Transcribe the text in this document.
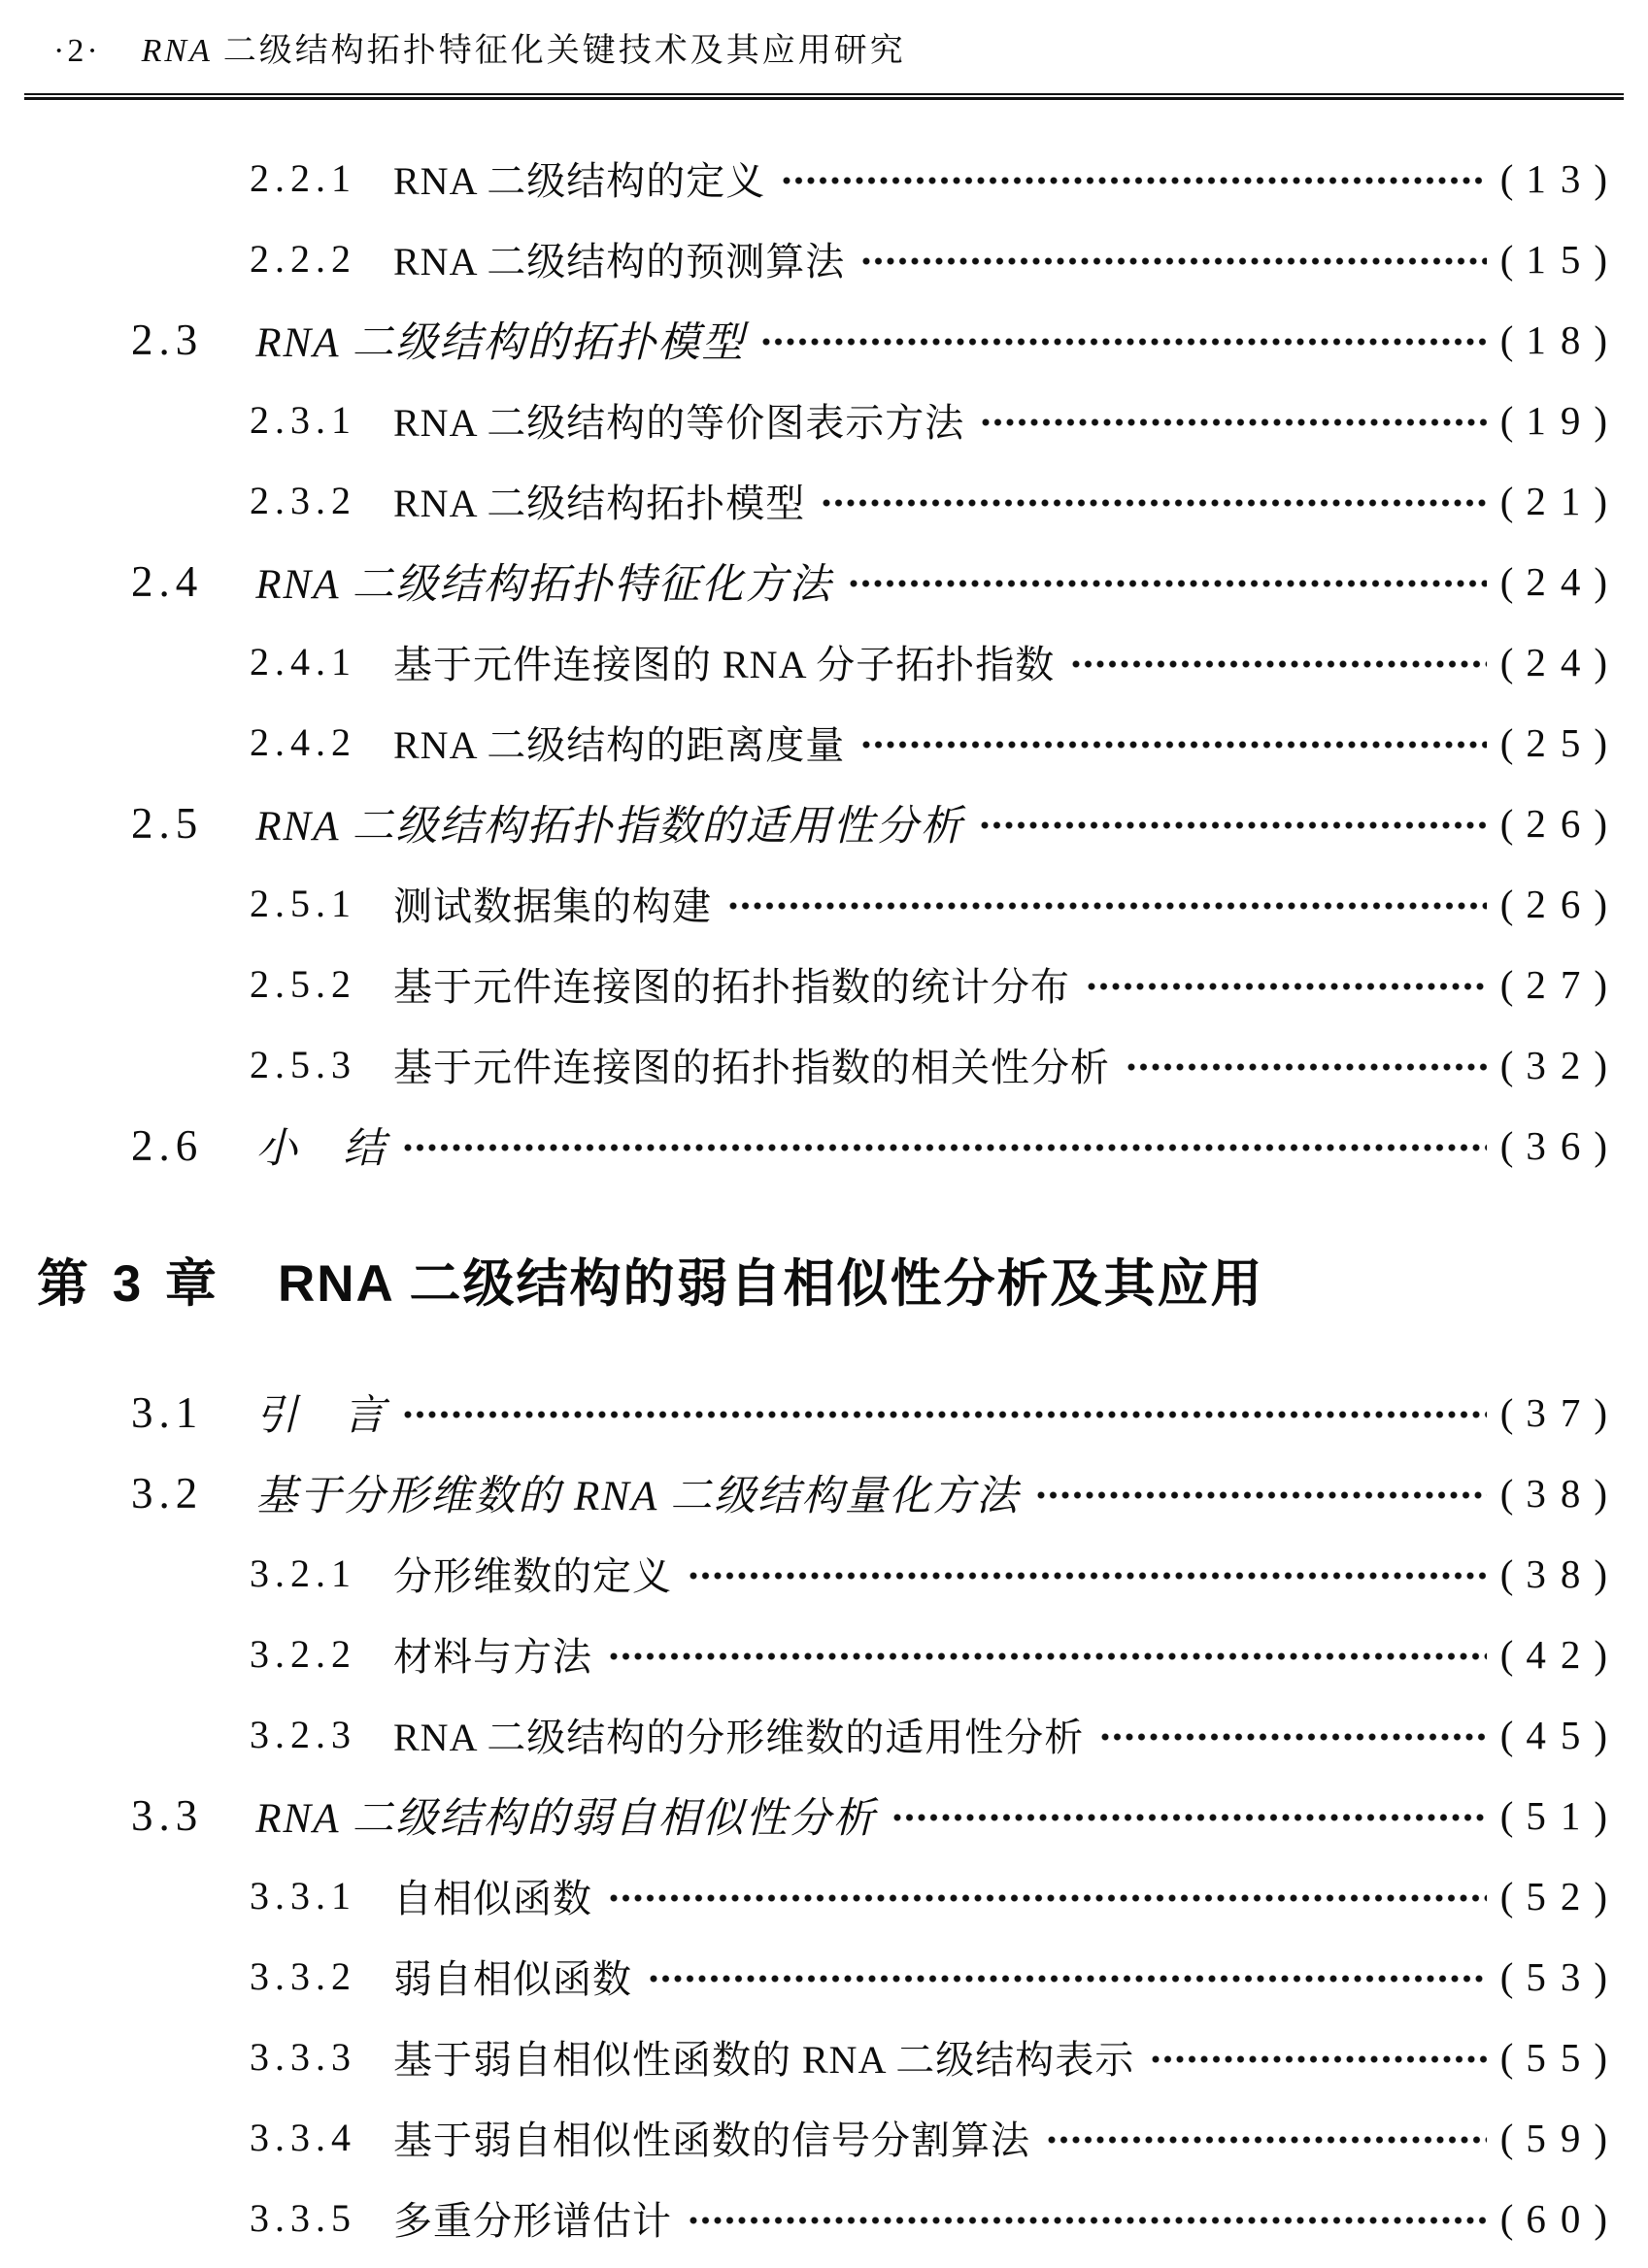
·2· RNA 二级结构拓扑特征化关键技术及其应用研究
2.2.1 RNA 二级结构的定义	( 13 )
2.2.2 RNA 二级结构的预测算法	( 15 )
2.3 RNA 二级结构的拓扑模型	( 18 )
2.3.1 RNA 二级结构的等价图表示方法	( 19 )
2.3.2 RNA 二级结构拓扑模型	( 21 )
2.4 RNA 二级结构拓扑特征化方法	( 24 )
2.4.1 基于元件连接图的 RNA 分子拓扑指数	( 24 )
2.4.2 RNA 二级结构的距离度量	( 25 )
2.5 RNA 二级结构拓扑指数的适用性分析	( 26 )
2.5.1 测试数据集的构建	( 26 )
2.5.2 基于元件连接图的拓扑指数的统计分布	( 27 )
2.5.3 基于元件连接图的拓扑指数的相关性分析	( 32 )
2.6 小　结	( 36 )
第 3 章 RNA 二级结构的弱自相似性分析及其应用
3.1 引　言	( 37 )
3.2 基于分形维数的 RNA 二级结构量化方法	( 38 )
3.2.1 分形维数的定义	( 38 )
3.2.2 材料与方法	( 42 )
3.2.3 RNA 二级结构的分形维数的适用性分析	( 45 )
3.3 RNA 二级结构的弱自相似性分析	( 51 )
3.3.1 自相似函数	( 52 )
3.3.2 弱自相似函数	( 53 )
3.3.3 基于弱自相似性函数的 RNA 二级结构表示	( 55 )
3.3.4 基于弱自相似性函数的信号分割算法	( 59 )
3.3.5 多重分形谱估计	( 60 )
